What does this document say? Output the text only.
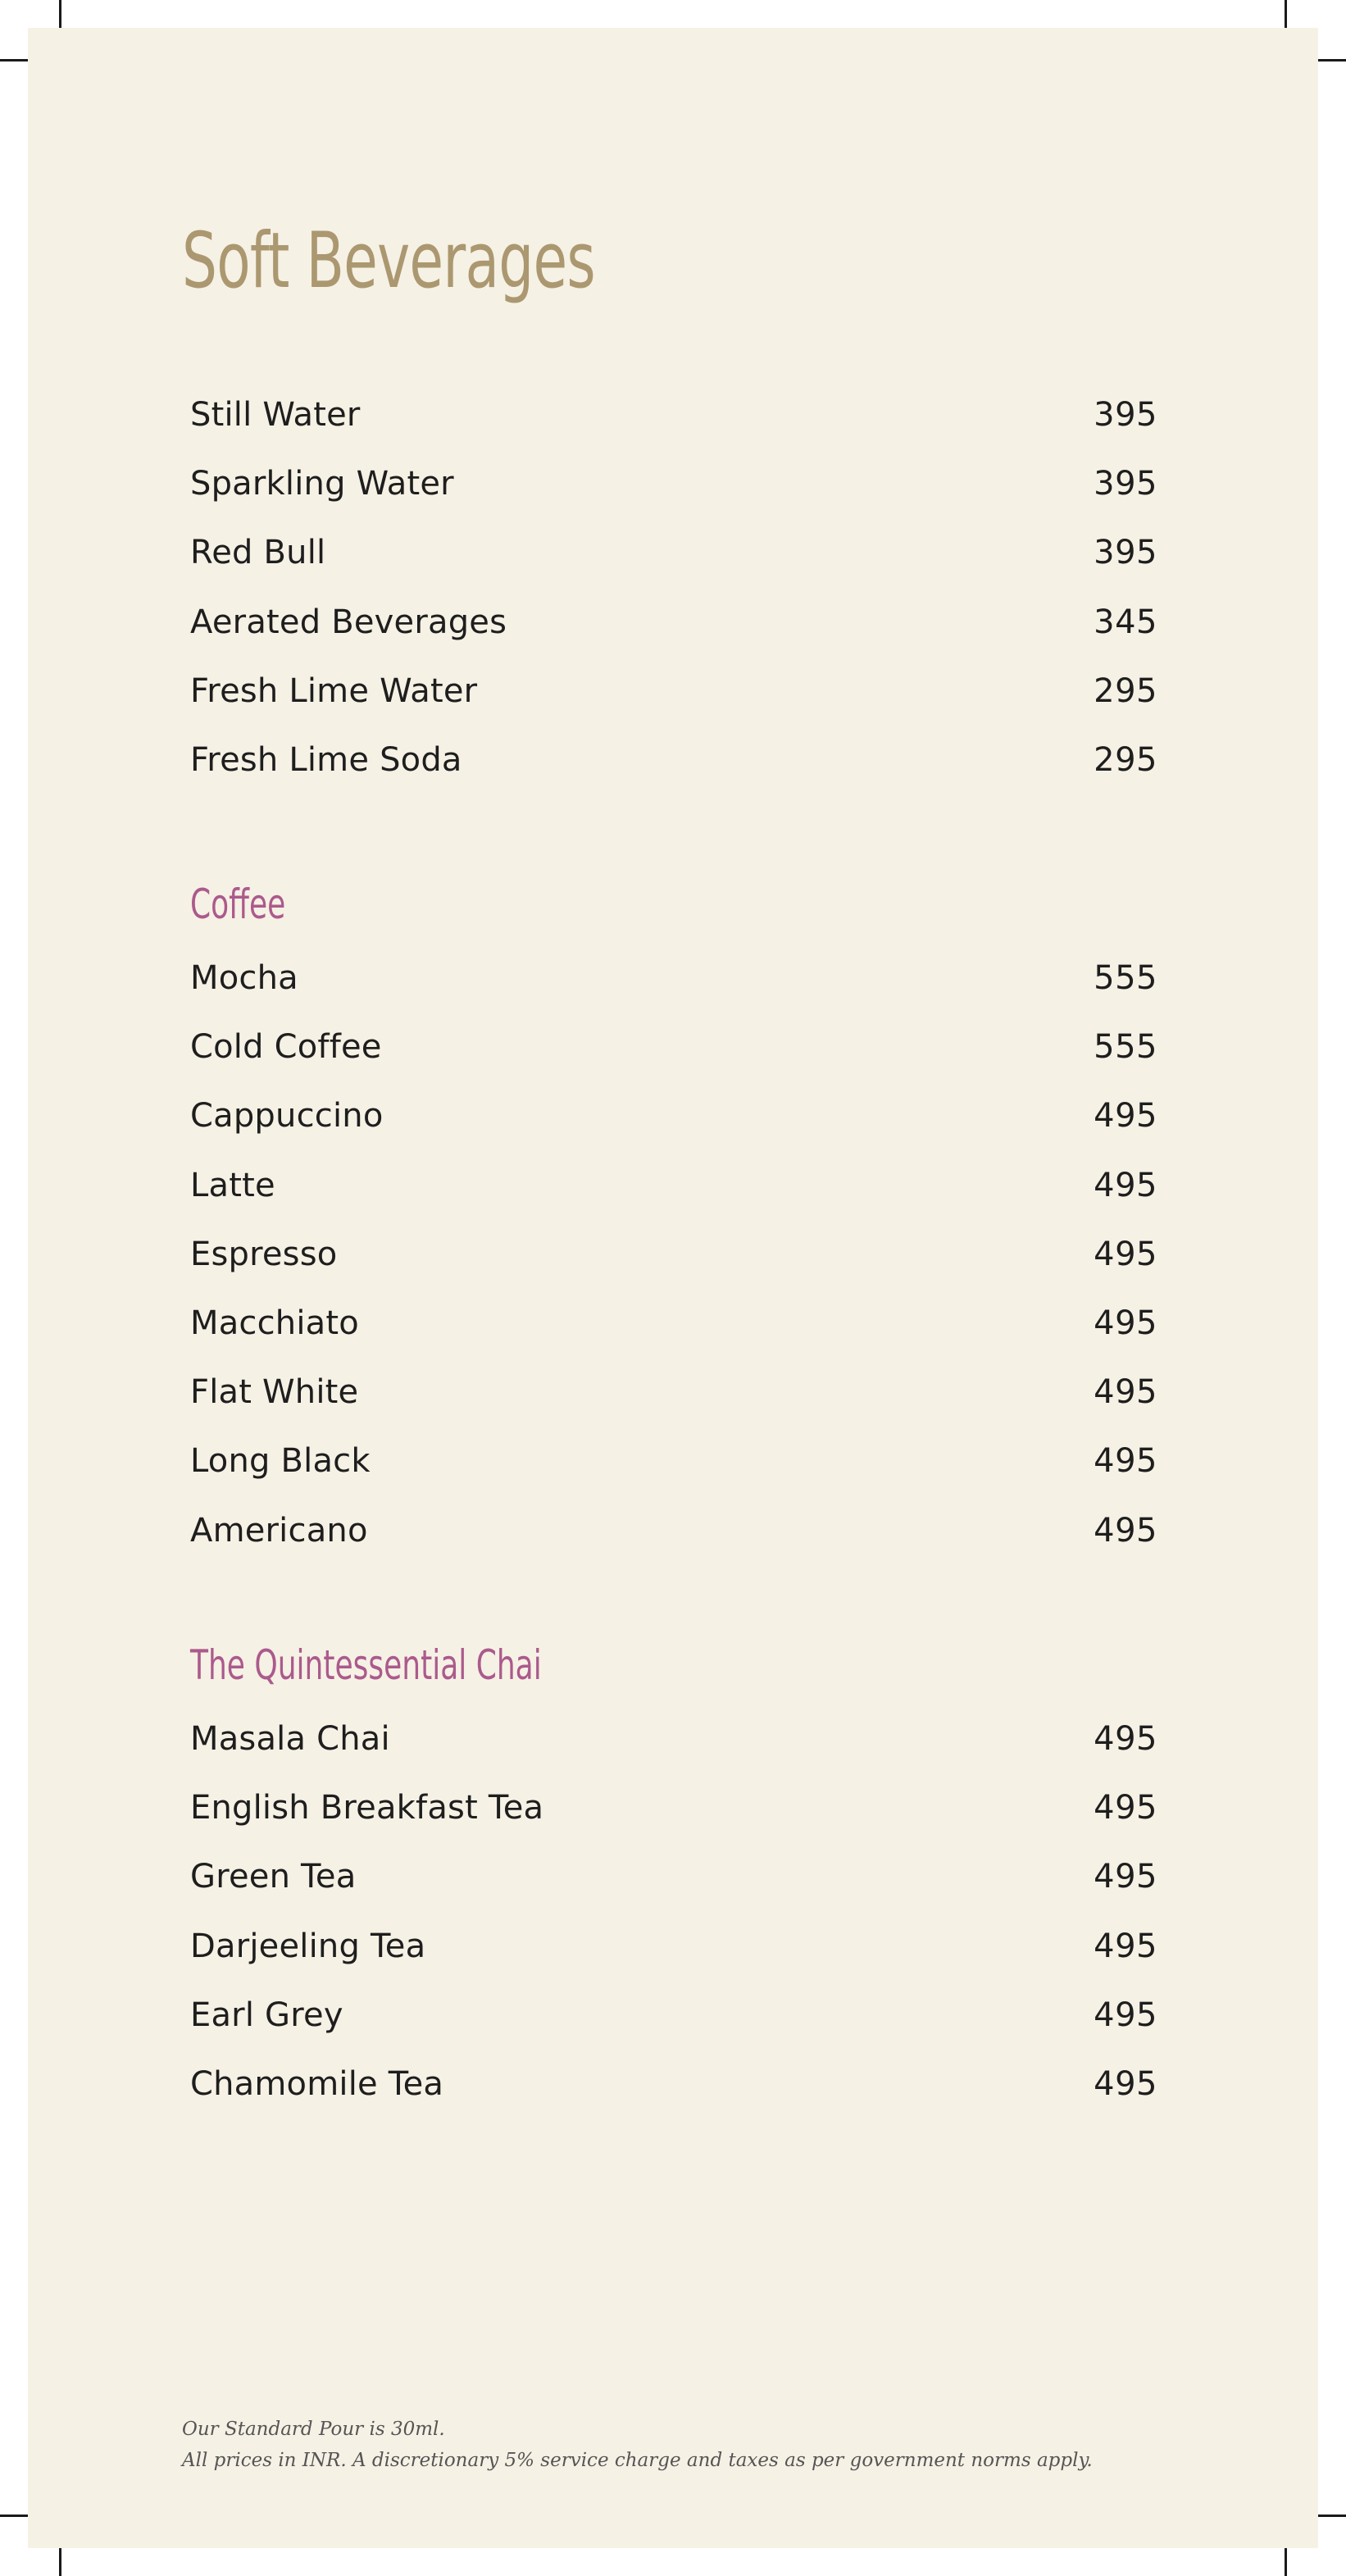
Soft Beverages
Still Water	395
Sparkling Water	395
Red Bull	395
Aerated Beverages	345
Fresh Lime Water	295
Fresh Lime Soda	295
Coffee
Mocha	555
Cold Coffee	555
Cappuccino	495
Latte	495
Espresso	495
Macchiato	495
Flat White	495
Long Black	495
Americano	495
The Quintessential Chai
Masala Chai	495
English Breakfast Tea	495
Green Tea	495
Darjeeling Tea	495
Earl Grey	495
Chamomile Tea	495
Our Standard Pour is 30ml.
All prices in INR. A discretionary 5% service charge and taxes as per government norms apply.
